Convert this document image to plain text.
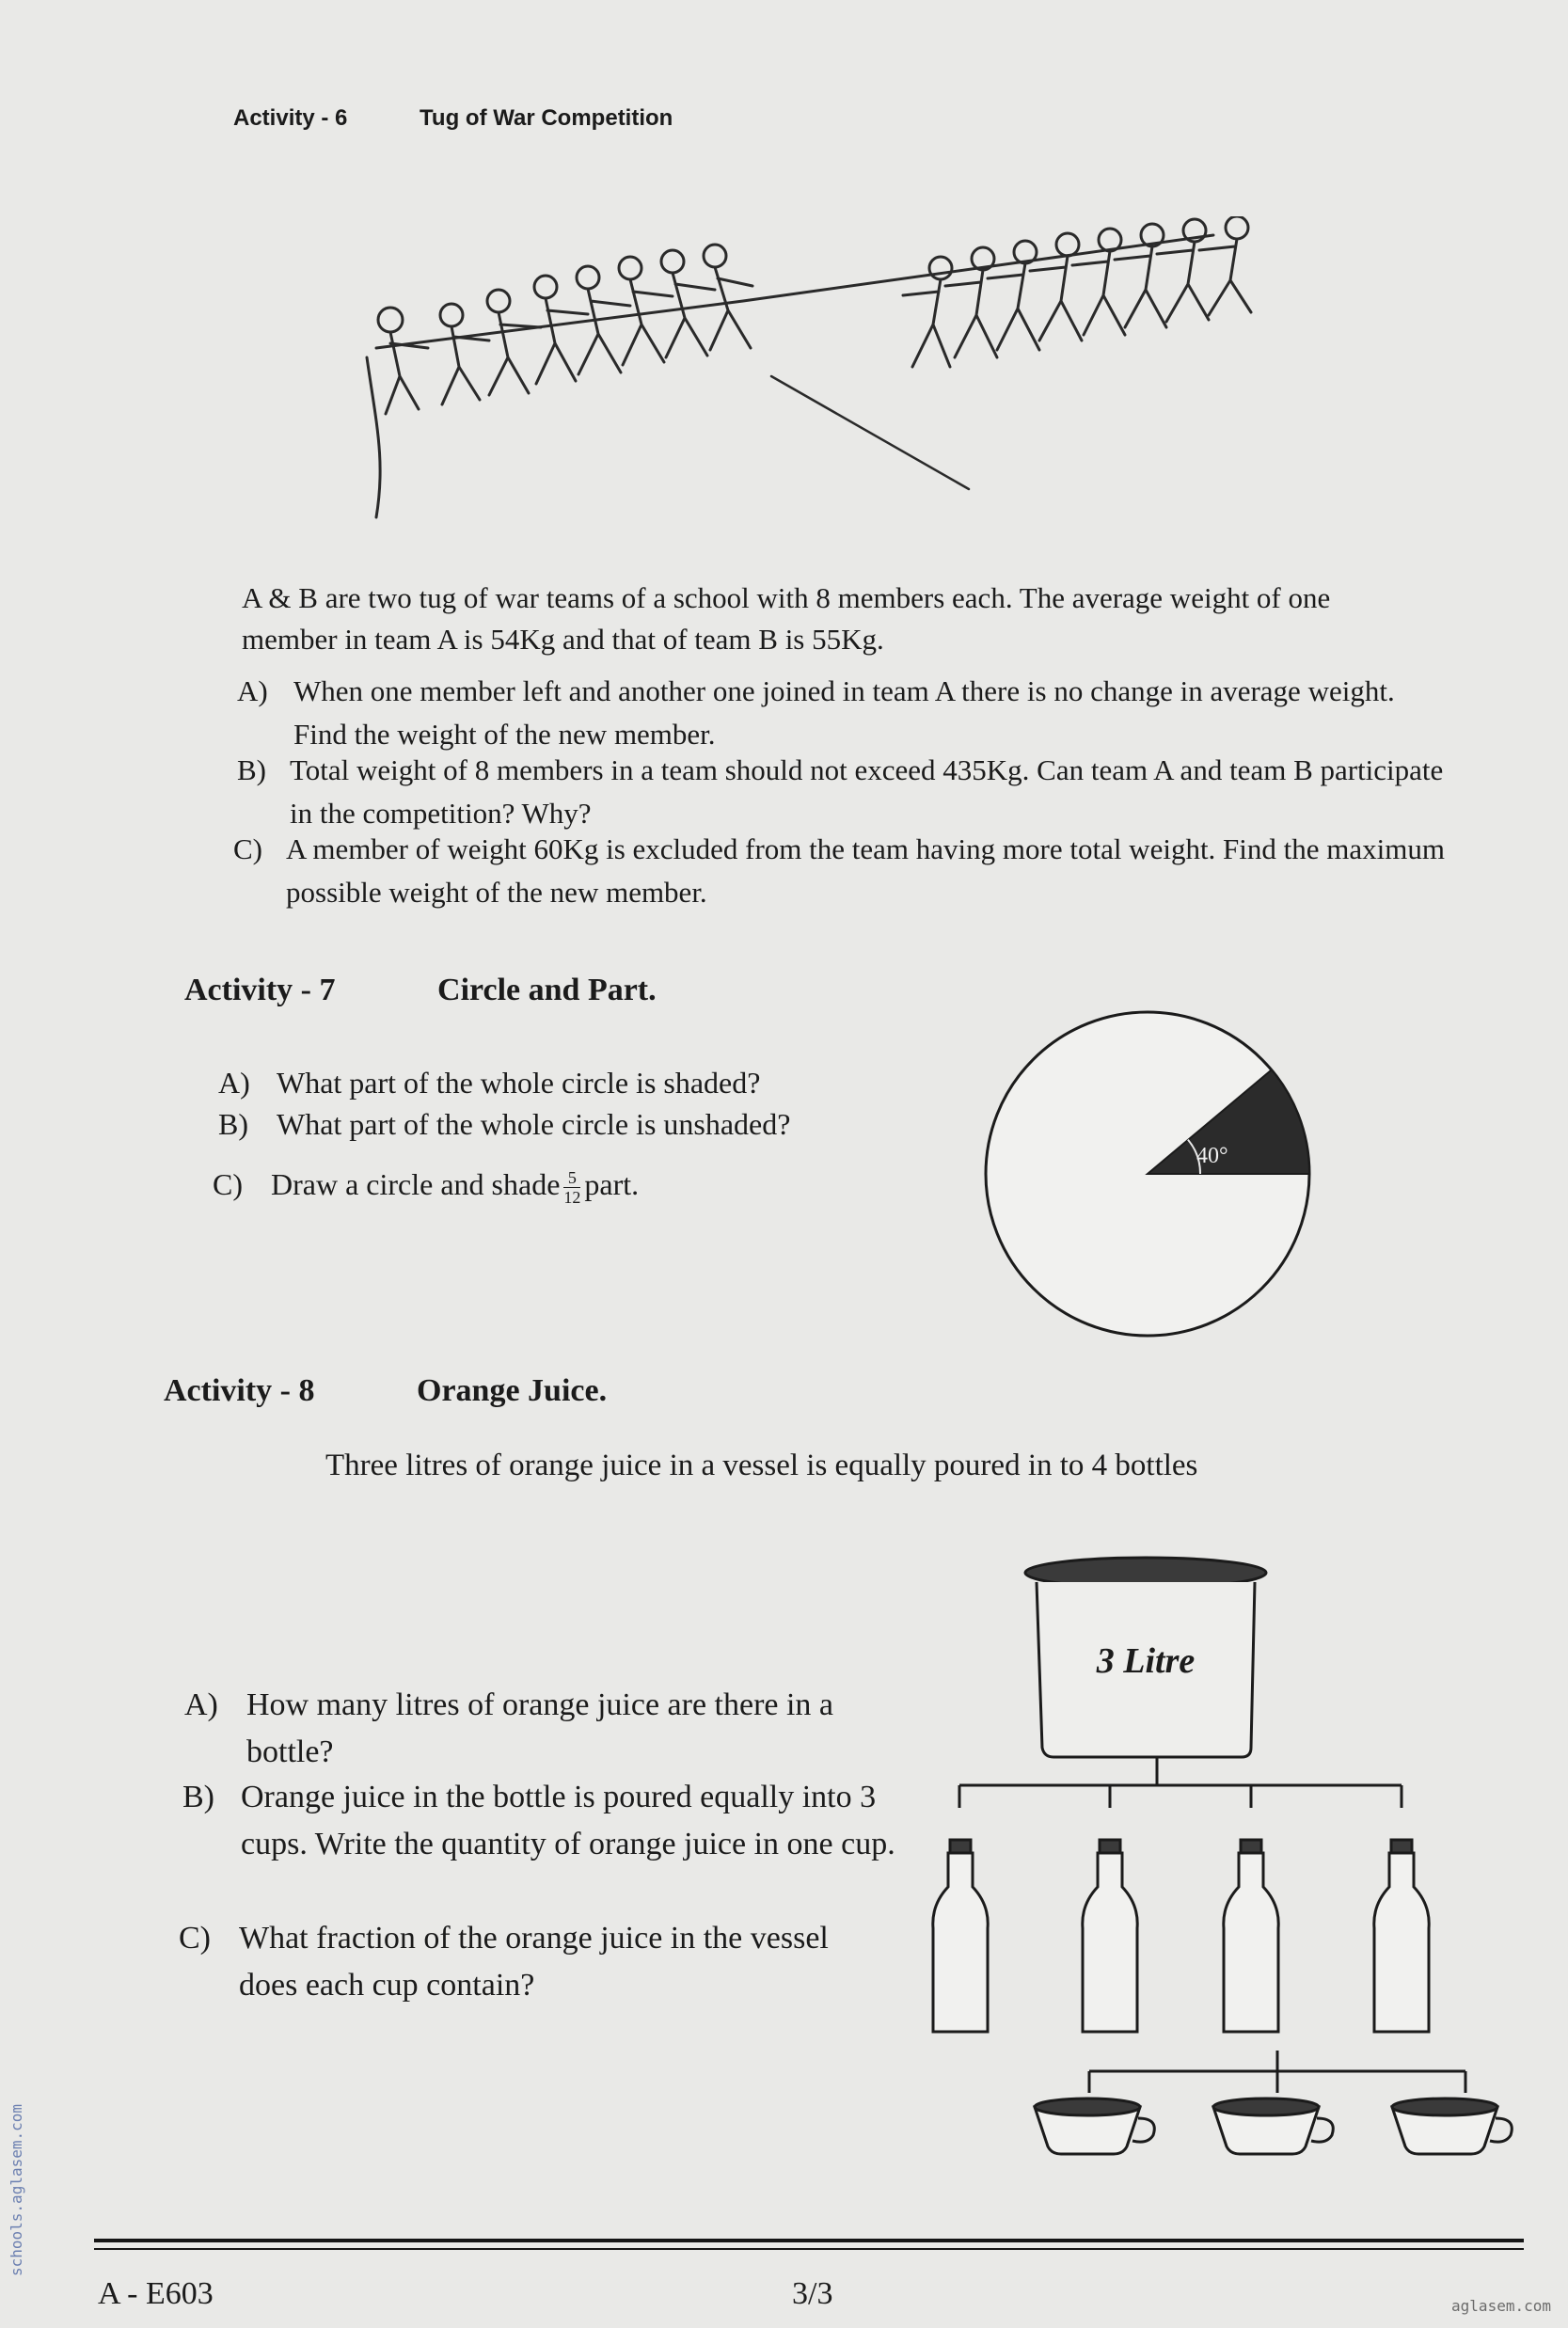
Activity - 6	Tug of War Competition
A & B are two tug of war teams of a school with 8 members each. The average weight of one member in team A is 54Kg and that of team B is 55Kg.
A) When one member left and another one joined in team A there is no change in average weight. Find the weight of the new member.
B) Total weight of 8 members in a team should not exceed 435Kg. Can team A and team B participate in the competition? Why?
C) A member of weight 60Kg is excluded from the team having more total weight. Find the maximum possible weight of the new member.
Activity - 7	Circle and Part.
A) What part of the whole circle is shaded?
B) What part of the whole circle is unshaded?
C) Draw a circle and shade $\frac{5}{12}$ part.
40°
Activity - 8	Orange Juice.
Three litres of orange juice in a vessel is equally poured in to 4 bottles
A) How many litres of orange juice are there in a bottle?
B) Orange juice in the bottle is poured equally into 3 cups. Write the quantity of orange juice in one cup.
C) What fraction of the orange juice in the vessel does each cup contain?
3 Litre
A - E603	3/3
schools.aglasem.com
aglasem.com
